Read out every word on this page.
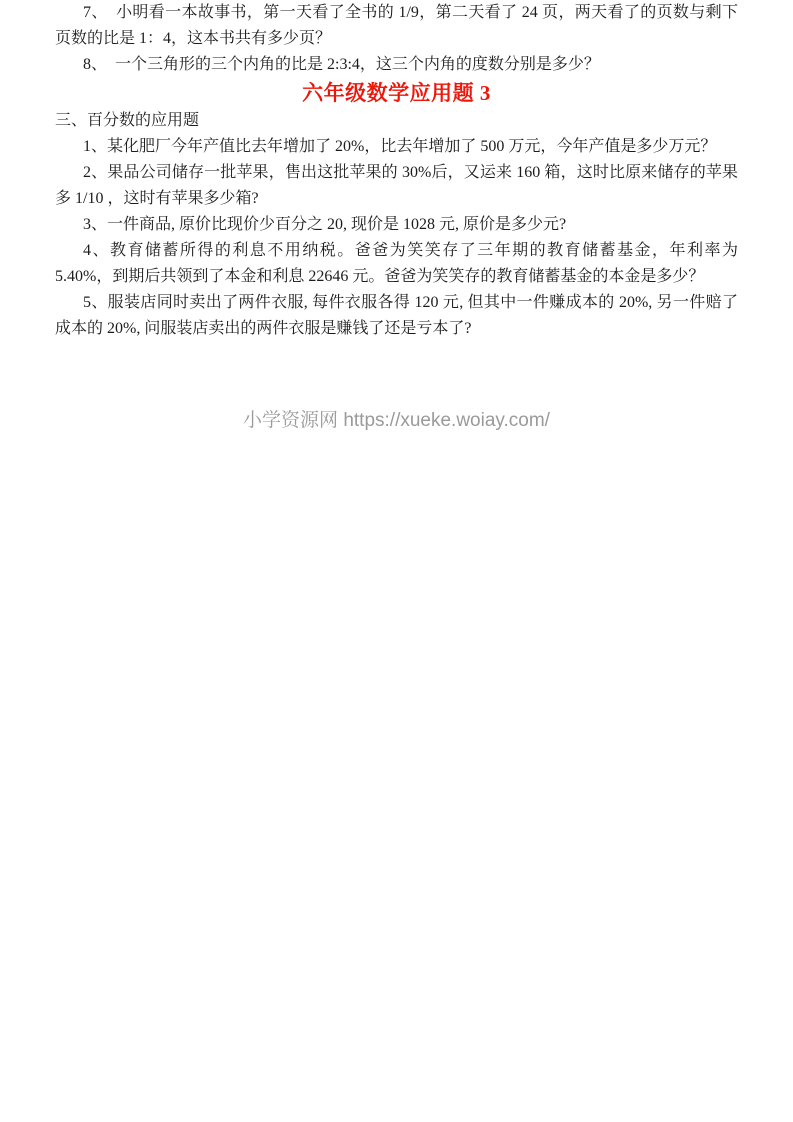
7、　小明看一本故事书，第一天看了全书的 1/9，第二天看了 24 页，两天看了的页数与剩下页数的比是 1：4，这本书共有多少页？

8、　一个三角形的三个内角的比是 2:3:4，这三个内角的度数分别是多少？

六年级数学应用题 3

三、百分数的应用题

1、某化肥厂今年产值比去年增加了 20%，比去年增加了 500 万元，今年产值是多少万元？

2、果品公司储存一批苹果，售出这批苹果的 30%后，又运来 160 箱，这时比原来储存的苹果多 1/10 ，这时有苹果多少箱?

3、一件商品, 原价比现价少百分之 20, 现价是 1028 元, 原价是多少元?

4、教育储蓄所得的利息不用纳税。爸爸为笑笑存了三年期的教育储蓄基金，年利率为 5.40%，到期后共领到了本金和利息 22646 元。爸爸为笑笑存的教育储蓄基金的本金是多少？

5、服装店同时卖出了两件衣服, 每件衣服各得 120 元, 但其中一件赚成本的 20%, 另一件赔了成本的 20%, 问服装店卖出的两件衣服是赚钱了还是亏本了?

小学资源网 https://xueke.woiay.com/
